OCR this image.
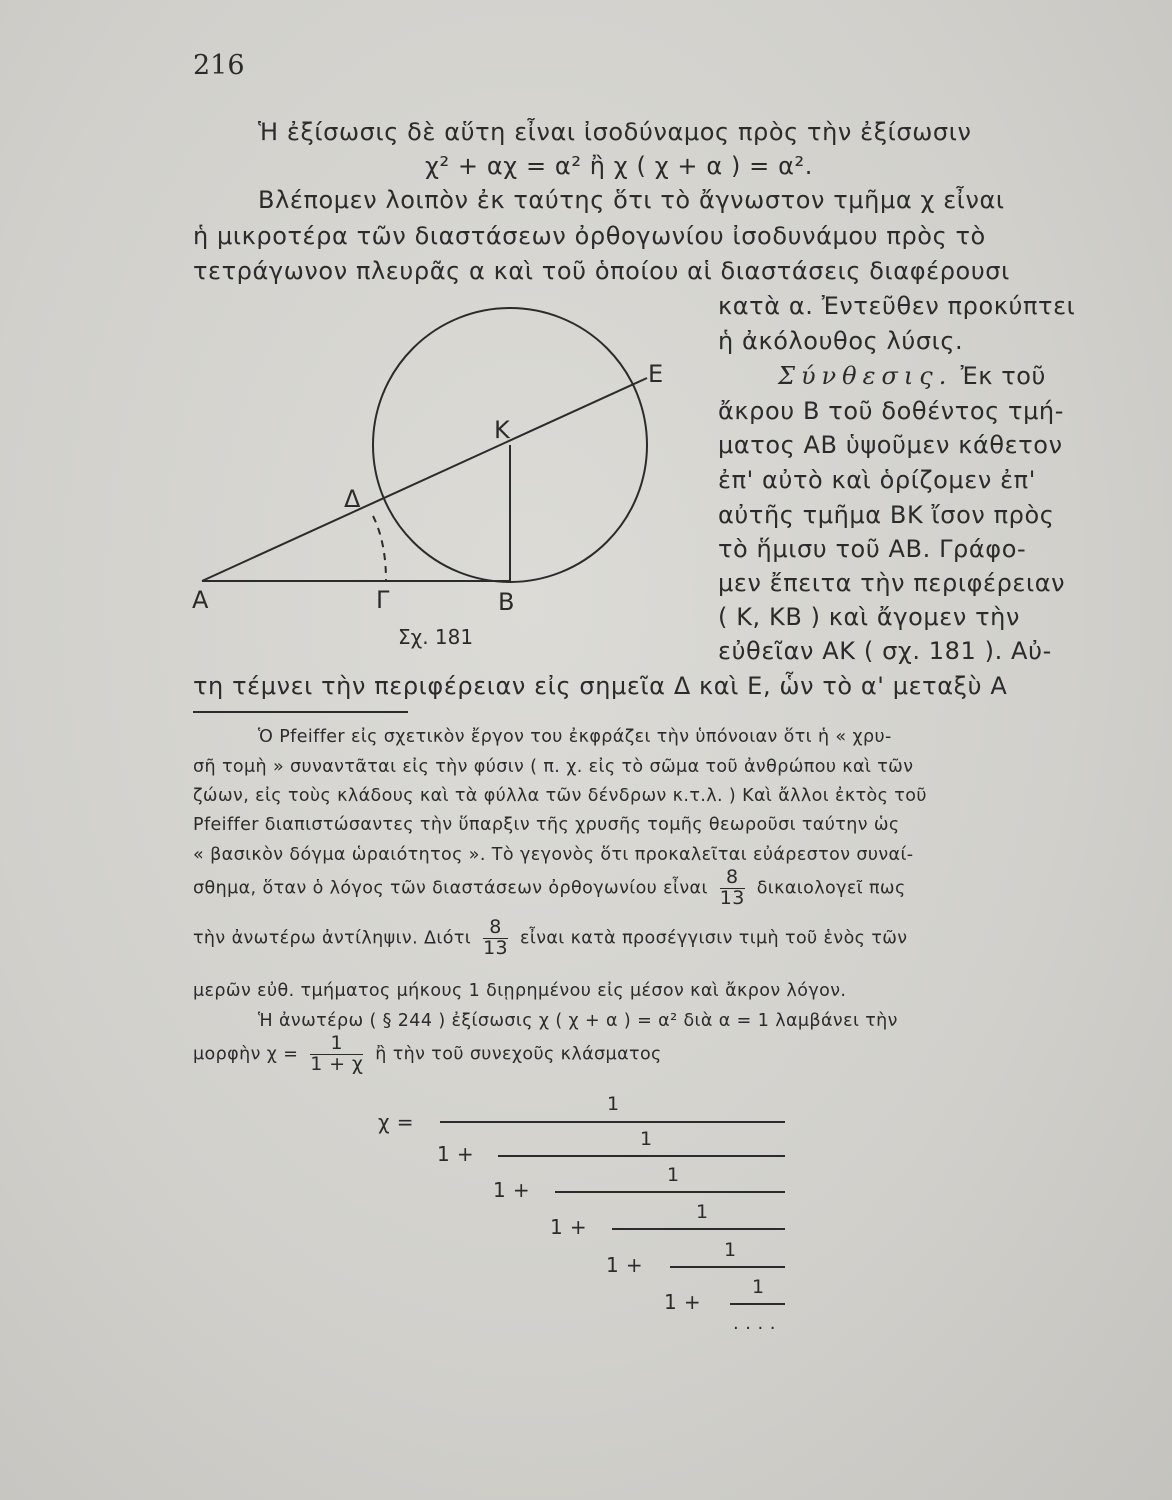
216
Ἡ ἐξίσωσις δὲ αὕτη εἶναι ἰσοδύναμος πρὸς τὴν ἐξίσωσιν
χ² + αχ = α² ἢ χ ( χ + α ) = α².
Βλέπομεν λοιπὸν ἐκ ταύτης ὅτι τὸ ἄγνωστον τμῆμα χ εἶναι
ἡ μικροτέρα τῶν διαστάσεων ὀρθογωνίου ἰσοδυνάμου πρὸς τὸ
τετράγωνον πλευρᾶς α καὶ τοῦ ὁποίου αἱ διαστάσεις διαφέρουσι
κατὰ α. Ἐντεῦθεν προκύπτει
ἡ ἀκόλουθος λύσις.
Σύνθεσις. Ἐκ τοῦ
ἄκρου Β τοῦ δοθέντος τμή-
ματος ΑΒ ὑψοῦμεν κάθετον
ἐπ' αὐτὸ καὶ ὁρίζομεν ἐπ'
αὐτῆς τμῆμα ΒΚ ἴσον πρὸς
τὸ ἥμισυ τοῦ ΑΒ. Γράφο-
μεν ἔπειτα τὴν περιφέρειαν
( Κ, ΚΒ ) καὶ ἄγομεν τὴν
εὐθεῖαν ΑΚ ( σχ. 181 ). Αὐ-
τη τέμνει τὴν περιφέρειαν εἰς σημεῖα Δ καὶ Ε, ὧν τὸ α' μεταξὺ Α
Α	Γ	Β
Δ
Κ
Ε
Σχ. 181
Ὁ Pfeiffer εἰς σχετικὸν ἔργον του ἐκφράζει τὴν ὑπόνοιαν ὅτι ἡ « χρυ-
σῆ τομὴ » συναντᾶται εἰς τὴν φύσιν ( π. χ. εἰς τὸ σῶμα τοῦ ἀνθρώπου καὶ τῶν
ζώων, εἰς τοὺς κλάδους καὶ τὰ φύλλα τῶν δένδρων κ.τ.λ. ) Καὶ ἄλλοι ἐκτὸς τοῦ
Pfeiffer διαπιστώσαντες τὴν ὕπαρξιν τῆς χρυσῆς τομῆς θεωροῦσι ταύτην ὡς
« βασικὸν δόγμα ὡραιότητος ». Τὸ γεγονὸς ὅτι προκαλεῖται εὐάρεστον συναί-
σθημα, ὅταν ὁ λόγος τῶν διαστάσεων ὀρθογωνίου εἶναι $\frac{8}{13}$ δικαιολογεῖ πως
τὴν ἀνωτέρω ἀντίληψιν. Διότι $\frac{8}{13}$ εἶναι κατὰ προσέγγισιν τιμὴ τοῦ ἑνὸς τῶν
μερῶν εὐθ. τμήματος μήκους 1 διῃρημένου εἰς μέσον καὶ ἄκρον λόγον.
Ἡ ἀνωτέρω ( § 244 ) ἐξίσωσις χ ( χ + α ) = α² διὰ α = 1 λαμβάνει τὴν
μορφὴν $\chi = \frac{1}{1 + \chi}$ ἢ τὴν τοῦ συνεχοῦς κλάσματος
χ =
1
1 +
1
1 +
1
1 +
1
1 +
1
1 +
1
· · · ·
